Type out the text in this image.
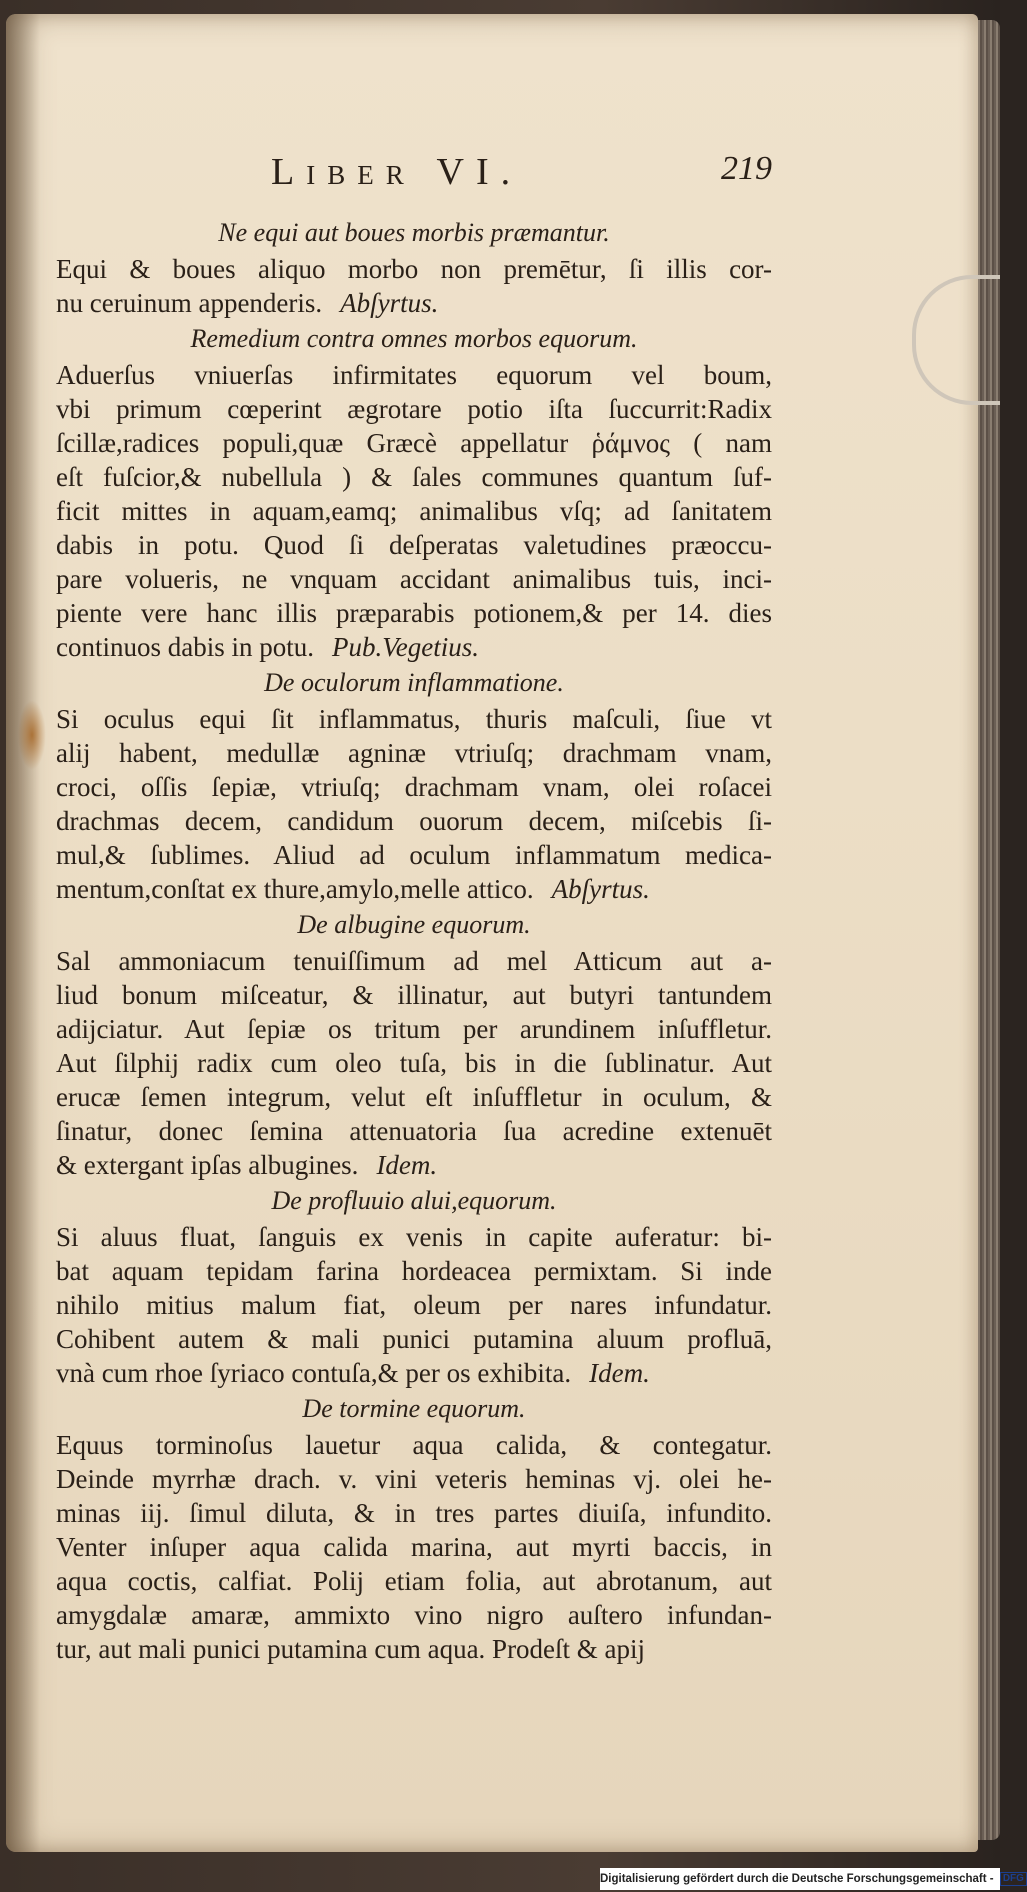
Liber VI.	219
Ne equi aut boues morbis præmantur.
Equi & boues aliquo morbo non premētur, ſi illis cor-
nu ceruinum appenderis. Abſyrtus.
Remedium contra omnes morbos equorum.
Aduerſus vniuerſas infirmitates equorum vel boum,
vbi primum cœperint ægrotare potio iſta ſuccurrit:Radix
ſcillæ,radices populi,quæ Græcè appellatur ῥάμνος ( nam
eſt fuſcior,& nubellula ) & ſales communes quantum ſuf-
ficit mittes in aquam,eamq; animalibus vſq; ad ſanitatem
dabis in potu. Quod ſi deſperatas valetudines præoccu-
pare volueris, ne vnquam accidant animalibus tuis, inci-
piente vere hanc illis præparabis potionem,& per 14. dies
continuos dabis in potu. Pub.Vegetius.
De oculorum inflammatione.
Si oculus equi ſit inflammatus, thuris maſculi, ſiue vt
alij habent, medullæ agninæ vtriuſq; drachmam vnam,
croci, oſſis ſepiæ, vtriuſq; drachmam vnam, olei roſacei
drachmas decem, candidum ouorum decem, miſcebis ſi-
mul,& ſublimes. Aliud ad oculum inflammatum medica-
mentum,conſtat ex thure,amylo,melle attico. Abſyrtus.
De albugine equorum.
Sal ammoniacum tenuiſſimum ad mel Atticum aut a-
liud bonum miſceatur, & illinatur, aut butyri tantundem
adijciatur. Aut ſepiæ os tritum per arundinem inſuffletur.
Aut ſilphij radix cum oleo tuſa, bis in die ſublinatur. Aut
erucæ ſemen integrum, velut eſt inſuffletur in oculum, &
ſinatur, donec ſemina attenuatoria ſua acredine extenuēt
& extergant ipſas albugines. Idem.
De profluuio alui,equorum.
Si aluus fluat, ſanguis ex venis in capite auferatur: bi-
bat aquam tepidam farina hordeacea permixtam. Si inde
nihilo mitius malum fiat, oleum per nares infundatur.
Cohibent autem & mali punici putamina aluum profluā,
vnà cum rhoe ſyriaco contuſa,& per os exhibita. Idem.
De tormine equorum.
Equus torminoſus lauetur aqua calida, & contegatur.
Deinde myrrhæ drach. v. vini veteris heminas vj. olei he-
minas iij. ſimul diluta, & in tres partes diuiſa, infundito.
Venter inſuper aqua calida marina, aut myrti baccis, in
aqua coctis, calfiat. Polij etiam folia, aut abrotanum, aut
amygdalæ amaræ, ammixto vino nigro auſtero infundan-
tur, aut mali punici putamina cum aqua. Prodeſt & apij
Digitalisierung gefördert durch die Deutsche Forschungsgemeinschaft - DFG
